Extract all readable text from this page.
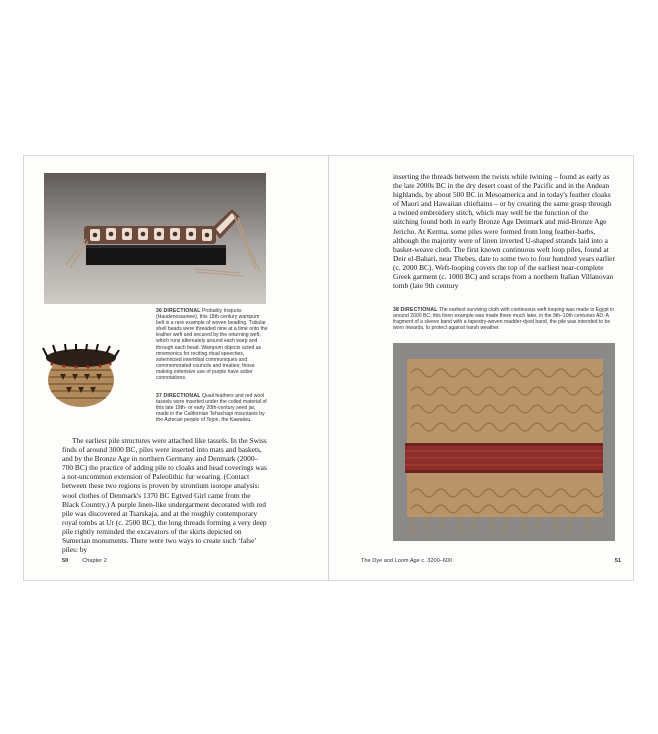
36 DIRECTIONAL Probably Iroquois (Haudenosaunee), this 18th-century wampum belt is a rare example of woven beading. Tubular shell beads were threaded nine at a time onto the leather weft and secured by the returning weft, which runs alternately around each warp and through each bead. Wampum objects acted as mnemonics for reciting ritual speeches, solemnized intertribal communiqués and commemorated councils and treaties; those making extensive use of purple have sober connotations.

37 DIRECTIONAL Quail feathers and red wool tassels were inserted under the coiled material of this late 19th- or early 20th-century seed jar, made in the Californian Tehachapi mountains by the Aztecan people of Tejon, the Kawaiisu.

The earliest pile structures were attached like tassels. In the Swiss finds of around 3000 BC, piles were inserted into mats and baskets, and by the Bronze Age in northern Germany and Denmark (2000–700 BC) the practice of adding pile to cloaks and head coverings was a not-uncommon extension of Paleolithic fur wearing. (Contact between these two regions is proven by strontium isotope analysis: wool clothes of Denmark's 1370 BC Egtved Girl came from the Black Country.) A purple linen-like undergarment decorated with red pile was discovered at Tsarskaja, and at the roughly contemporary royal tombs at Ur (c. 2500 BC), the long threads forming a very deep pile rightly reminded the excavators of the skirts depicted on Sumerian monuments. There were two ways to create such ‘false’ piles: by

50	Chapter 2

inserting the threads between the twists while twining – found as early as the late 2000s BC in the dry desert coast of the Pacific and in the Andean highlands, by about 500 BC in Mesoamerica and in today's feather cloaks of Maori and Hawaiian chieftains – or by creating the same grasp through a twined embroidery stitch, which may well be the function of the stitching found both in early Bronze Age Denmark and mid-Bronze Age Jericho. At Kerma, some piles were formed from long feather-barbs, although the majority were of linen inverted U-shaped strands laid into a basket-weave cloth. The first known continuous weft loop piles, found at Deir el-Bahari, near Thebes, date to some two to four hundred years earlier (c. 2000 BC). Weft-looping covers the top of the earliest near-complete Greek garment (c. 1000 BC) and scraps from a northern Italian Villanovan tomb (late 9th century

38 DIRECTIONAL The earliest surviving cloth with continuous weft looping was made in Egypt in around 2000 BC; this linen example was made there much later, in the 9th–10th centuries AD. A fragment of a sleeve band with a tapestry-woven madder-dyed band, the pile was intended to be worn inwards, to protect against harsh weather.

The Dye and Loom Age c. 3200–600	51
